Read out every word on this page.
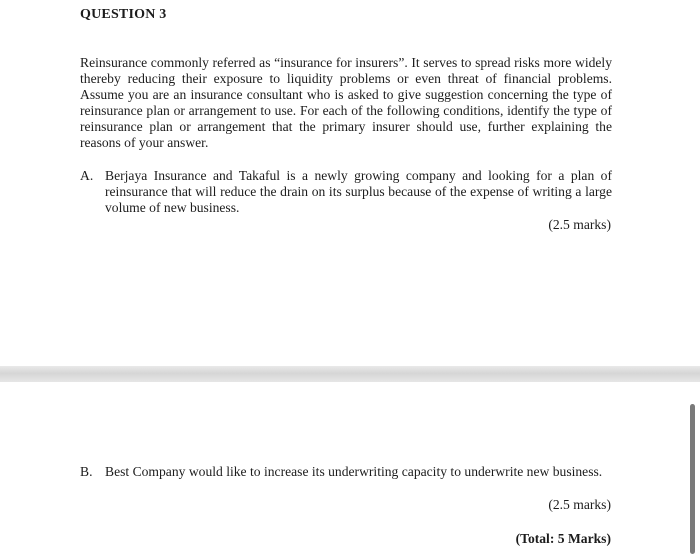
QUESTION 3
Reinsurance commonly referred as “insurance for insurers”. It serves to spread risks more widely thereby reducing their exposure to liquidity problems or even threat of financial problems. Assume you are an insurance consultant who is asked to give suggestion concerning the type of reinsurance plan or arrangement to use. For each of the following conditions, identify the type of reinsurance plan or arrangement that the primary insurer should use, further explaining the reasons of your answer.
A. Berjaya Insurance and Takaful is a newly growing company and looking for a plan of reinsurance that will reduce the drain on its surplus because of the expense of writing a large volume of new business.
(2.5 marks)
B. Best Company would like to increase its underwriting capacity to underwrite new business.
(2.5 marks)
(Total: 5 Marks)
